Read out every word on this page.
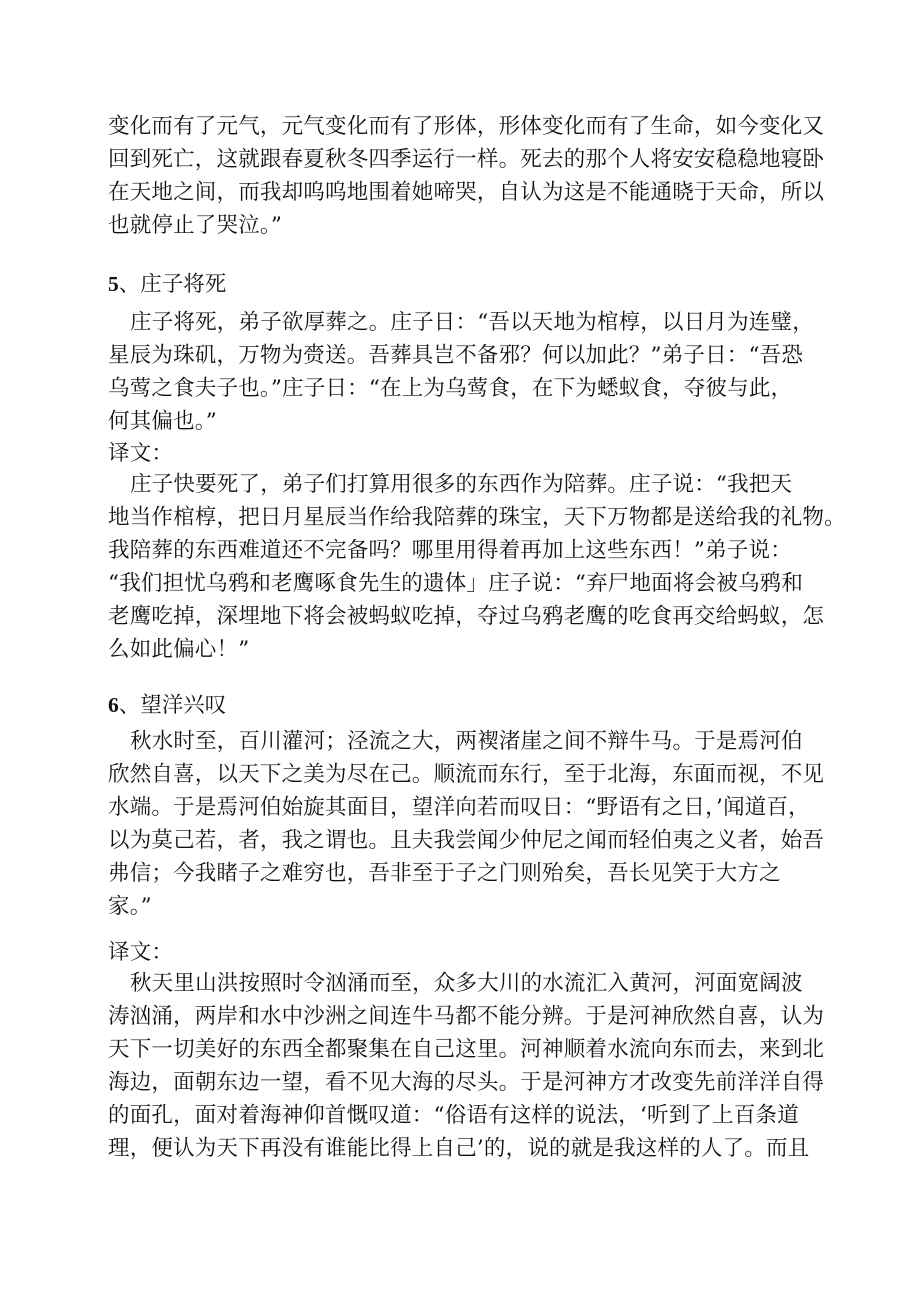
变化而有了元气，元气变化而有了形体，形体变化而有了生命，如今变化又
回到死亡，这就跟春夏秋冬四季运行一样。死去的那个人将安安稳稳地寝卧
在天地之间，而我却呜呜地围着她啼哭，自认为这是不能通晓于天命，所以
也就停止了哭泣。”
5、庄子将死
庄子将死，弟子欲厚葬之。庄子日：“吾以天地为棺椁，以日月为连璧，
星辰为珠矶，万物为赍送。吾葬具岂不备邪？何以加此？”弟子日：“吾恐
乌莺之食夫子也。”庄子日：“在上为乌莺食，在下为蟋蚁食，夺彼与此，
何其偏也。”
译文：
庄子快要死了，弟子们打算用很多的东西作为陪葬。庄子说：“我把天
地当作棺椁，把日月星辰当作给我陪葬的珠宝，天下万物都是送给我的礼物。
我陪葬的东西难道还不完备吗？哪里用得着再加上这些东西！”弟子说：
“我们担忧乌鸦和老鹰啄食先生的遗体」庄子说：“弃尸地面将会被乌鸦和
老鹰吃掉，深埋地下将会被蚂蚁吃掉，夺过乌鸦老鹰的吃食再交给蚂蚁，怎
么如此偏心！”
6、望洋兴叹
秋水时至，百川灌河；泾流之大，两褉渚崖之间不辩牛马。于是焉河伯
欣然自喜，以天下之美为尽在己。顺流而东行，至于北海，东面而视，不见
水端。于是焉河伯始旋其面目，望洋向若而叹日：“野语有之日，’闻道百，
以为莫己若，者，我之谓也。且夫我尝闻少仲尼之闻而轻伯夷之义者，始吾
弗信；今我睹子之难穷也，吾非至于子之门则殆矣，吾长见笑于大方之
家。”
译文：
秋天里山洪按照时令汹涌而至，众多大川的水流汇入黄河，河面宽阔波
涛汹涌，两岸和水中沙洲之间连牛马都不能分辨。于是河神欣然自喜，认为
天下一切美好的东西全都聚集在自己这里。河神顺着水流向东而去，来到北
海边，面朝东边一望，看不见大海的尽头。于是河神方才改变先前洋洋自得
的面孔，面对着海神仰首慨叹道：“俗语有这样的说法，‘听到了上百条道
理，便认为天下再没有谁能比得上自己’的，说的就是我这样的人了。而且
